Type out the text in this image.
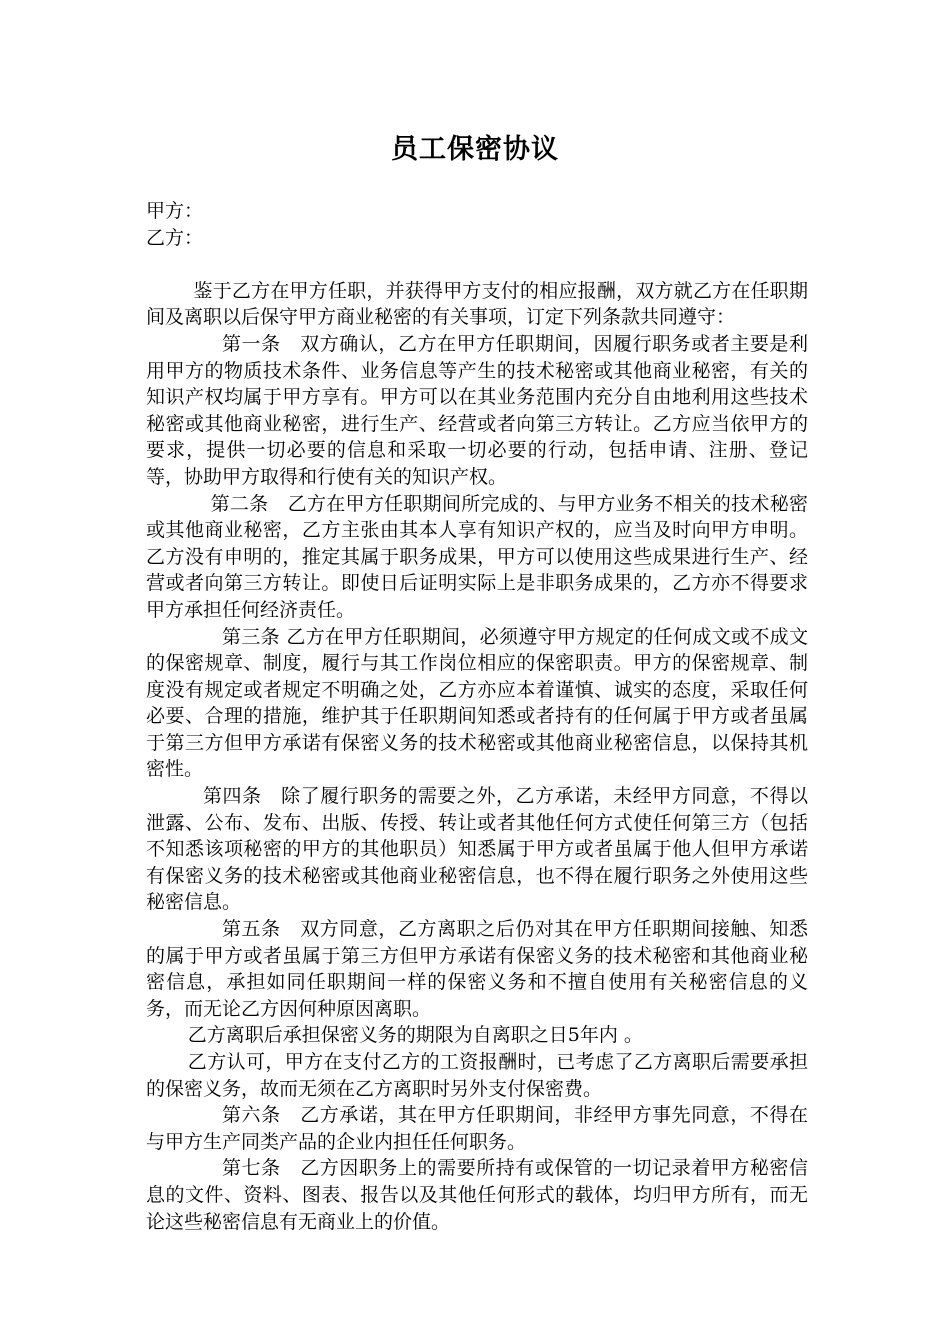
员工保密协议

甲方：

乙方：

鉴于乙方在甲方任职，并获得甲方支付的相应报酬，双方就乙方在任职期间及离职以后保守甲方商业秘密的有关事项，订定下列条款共同遵守：

第一条　双方确认，乙方在甲方任职期间，因履行职务或者主要是利用甲方的物质技术条件、业务信息等产生的技术秘密或其他商业秘密，有关的知识产权均属于甲方享有。甲方可以在其业务范围内充分自由地利用这些技术秘密或其他商业秘密，进行生产、经营或者向第三方转让。乙方应当依甲方的要求，提供一切必要的信息和采取一切必要的行动，包括申请、注册、登记等，协助甲方取得和行使有关的知识产权。

第二条　乙方在甲方任职期间所完成的、与甲方业务不相关的技术秘密或其他商业秘密，乙方主张由其本人享有知识产权的，应当及时向甲方申明。乙方没有申明的，推定其属于职务成果，甲方可以使用这些成果进行生产、经营或者向第三方转让。即使日后证明实际上是非职务成果的，乙方亦不得要求甲方承担任何经济责任。

第三条 乙方在甲方任职期间，必须遵守甲方规定的任何成文或不成文的保密规章、制度，履行与其工作岗位相应的保密职责。甲方的保密规章、制度没有规定或者规定不明确之处，乙方亦应本着谨慎、诚实的态度，采取任何必要、合理的措施，维护其于任职期间知悉或者持有的任何属于甲方或者虽属于第三方但甲方承诺有保密义务的技术秘密或其他商业秘密信息，以保持其机密性。

第四条　除了履行职务的需要之外，乙方承诺，未经甲方同意，不得以泄露、公布、发布、出版、传授、转让或者其他任何方式使任何第三方（包括不知悉该项秘密的甲方的其他职员）知悉属于甲方或者虽属于他人但甲方承诺有保密义务的技术秘密或其他商业秘密信息，也不得在履行职务之外使用这些秘密信息。

第五条　双方同意，乙方离职之后仍对其在甲方任职期间接触、知悉的属于甲方或者虽属于第三方但甲方承诺有保密义务的技术秘密和其他商业秘密信息，承担如同任职期间一样的保密义务和不擅自使用有关秘密信息的义务，而无论乙方因何种原因离职。

乙方离职后承担保密义务的期限为自离职之日5年内 。

乙方认可，甲方在支付乙方的工资报酬时，已考虑了乙方离职后需要承担的保密义务，故而无须在乙方离职时另外支付保密费。

第六条　乙方承诺，其在甲方任职期间，非经甲方事先同意，不得在与甲方生产同类产品的企业内担任任何职务。

第七条　乙方因职务上的需要所持有或保管的一切记录着甲方秘密信息的文件、资料、图表、报告以及其他任何形式的载体，均归甲方所有，而无论这些秘密信息有无商业上的价值。
